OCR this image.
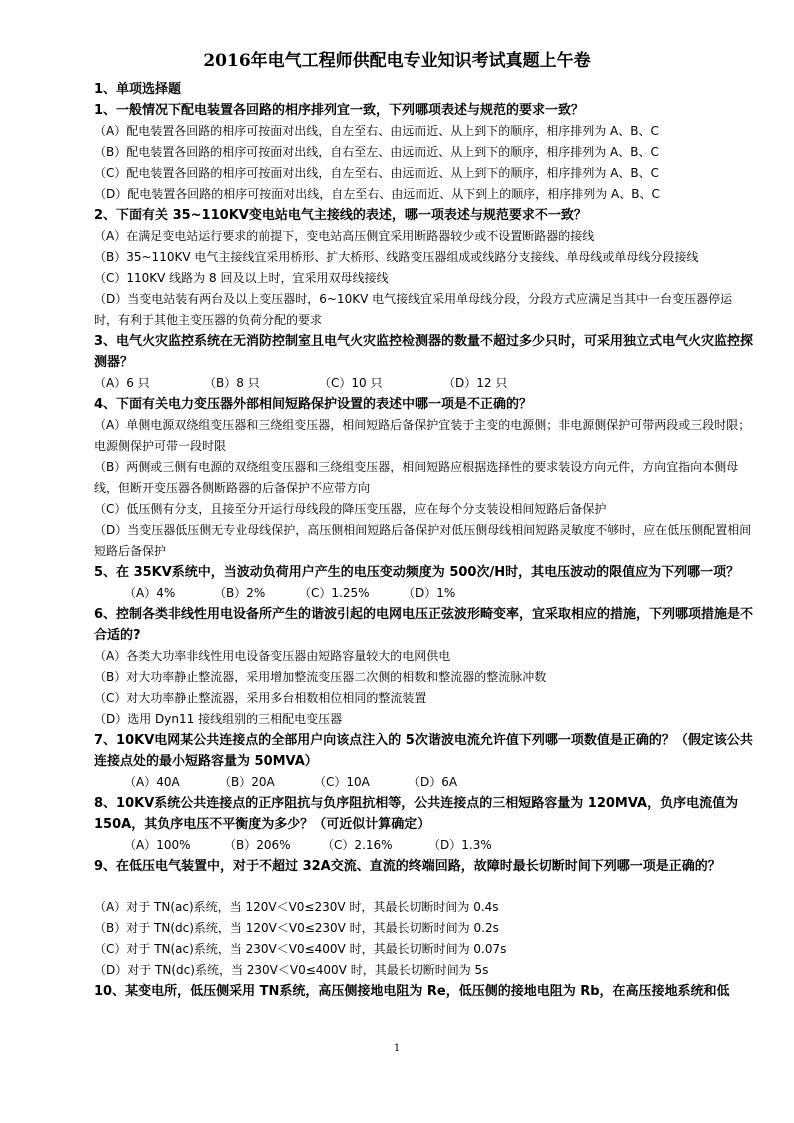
2016年电气工程师供配电专业知识考试真题上午卷
1、单项选择题
1、一般情况下配电装置各回路的相序排列宜一致，下列哪项表述与规范的要求一致？
（A）配电装置各回路的相序可按面对出线，自左至右、由远而近、从上到下的顺序，相序排列为 A、B、C
（B）配电装置各回路的相序可按面对出线，自右至左、由远而近、从上到下的顺序，相序排列为 A、B、C
（C）配电装置各回路的相序可按面对出线，自左至右、由远而近、从上到下的顺序，相序排列为 A、B、C
（D）配电装置各回路的相序可按面对出线，自左至右、由远而近、从下到上的顺序，相序排列为 A、B、C
2、下面有关 35~110KV变电站电气主接线的表述，哪一项表述与规范要求不一致？
（A）在满足变电站运行要求的前提下，变电站高压侧宜采用断路器较少或不设置断路器的接线
（B）35~110KV 电气主接线宜采用桥形、扩大桥形、线路变压器组成或线路分支接线、单母线或单母线分段接线
（C）110KV 线路为 8 回及以上时，宜采用双母线接线
（D）当变电站装有两台及以上变压器时，6~10KV 电气接线宜采用单母线分段，分段方式应满足当其中一台变压器停运时，有利于其他主变压器的负荷分配的要求
3、电气火灾监控系统在无消防控制室且电气火灾监控检测器的数量不超过多少只时，可采用独立式电气火灾监控探测器？
（A）6 只	（B）8 只	（C）10 只	（D）12 只
4、下面有关电力变压器外部相间短路保护设置的表述中哪一项是不正确的？
（A）单侧电源双绕组变压器和三绕组变压器，相间短路后备保护宜装于主变的电源侧；非电源侧保护可带两段或三段时限；电源侧保护可带一段时限
（B）两侧或三侧有电源的双绕组变压器和三绕组变压器，相间短路应根据选择性的要求装设方向元件，方向宜指向本侧母线，但断开变压器各侧断路器的后备保护不应带方向
（C）低压侧有分支，且接至分开运行母线段的降压变压器，应在每个分支装设相间短路后备保护
（D）当变压器低压侧无专业母线保护，高压侧相间短路后备保护对低压侧母线相间短路灵敏度不够时，应在低压侧配置相间短路后备保护
5、在 35KV系统中，当波动负荷用户产生的电压变动频度为 500次/H时，其电压波动的限值应为下列哪一项？
（A）4%	（B）2%	（C）1.25%	（D）1%
6、控制各类非线性用电设备所产生的谐波引起的电网电压正弦波形畸变率，宜采取相应的措施，下列哪项措施是不合适的?
（A）各类大功率非线性用电设备变压器由短路容量较大的电网供电
（B）对大功率静止整流器，采用增加整流变压器二次侧的相数和整流器的整流脉冲数
（C）对大功率静止整流器，采用多台相数相位相同的整流装置
（D）选用 Dyn11 接线组别的三相配电变压器
7、10KV电网某公共连接点的全部用户向该点注入的 5次谐波电流允许值下列哪一项数值是正确的？（假定该公共连接点处的最小短路容量为 50MVA）
（A）40A	（B）20A	（C）10A	（D）6A
8、10KV系统公共连接点的正序阻抗与负序阻抗相等，公共连接点的三相短路容量为 120MVA，负序电流值为 150A，其负序电压不平衡度为多少？（可近似计算确定）
（A）100%	（B）206%	（C）2.16%	（D）1.3%
9、在低压电气装置中，对于不超过 32A交流、直流的终端回路，故障时最长切断时间下列哪一项是正确的？
（A）对于 TN(ac)系统，当 120V＜V0≤230V 时，其最长切断时间为 0.4s
（B）对于 TN(dc)系统，当 120V＜V0≤230V 时，其最长切断时间为 0.2s
（C）对于 TN(ac)系统，当 230V＜V0≤400V 时，其最长切断时间为 0.07s
（D）对于 TN(dc)系统，当 230V＜V0≤400V 时，其最长切断时间为 5s
10、某变电所，低压侧采用 TN系统，高压侧接地电阻为 Re，低压侧的接地电阻为 Rb，在高压接地系统和低
1
